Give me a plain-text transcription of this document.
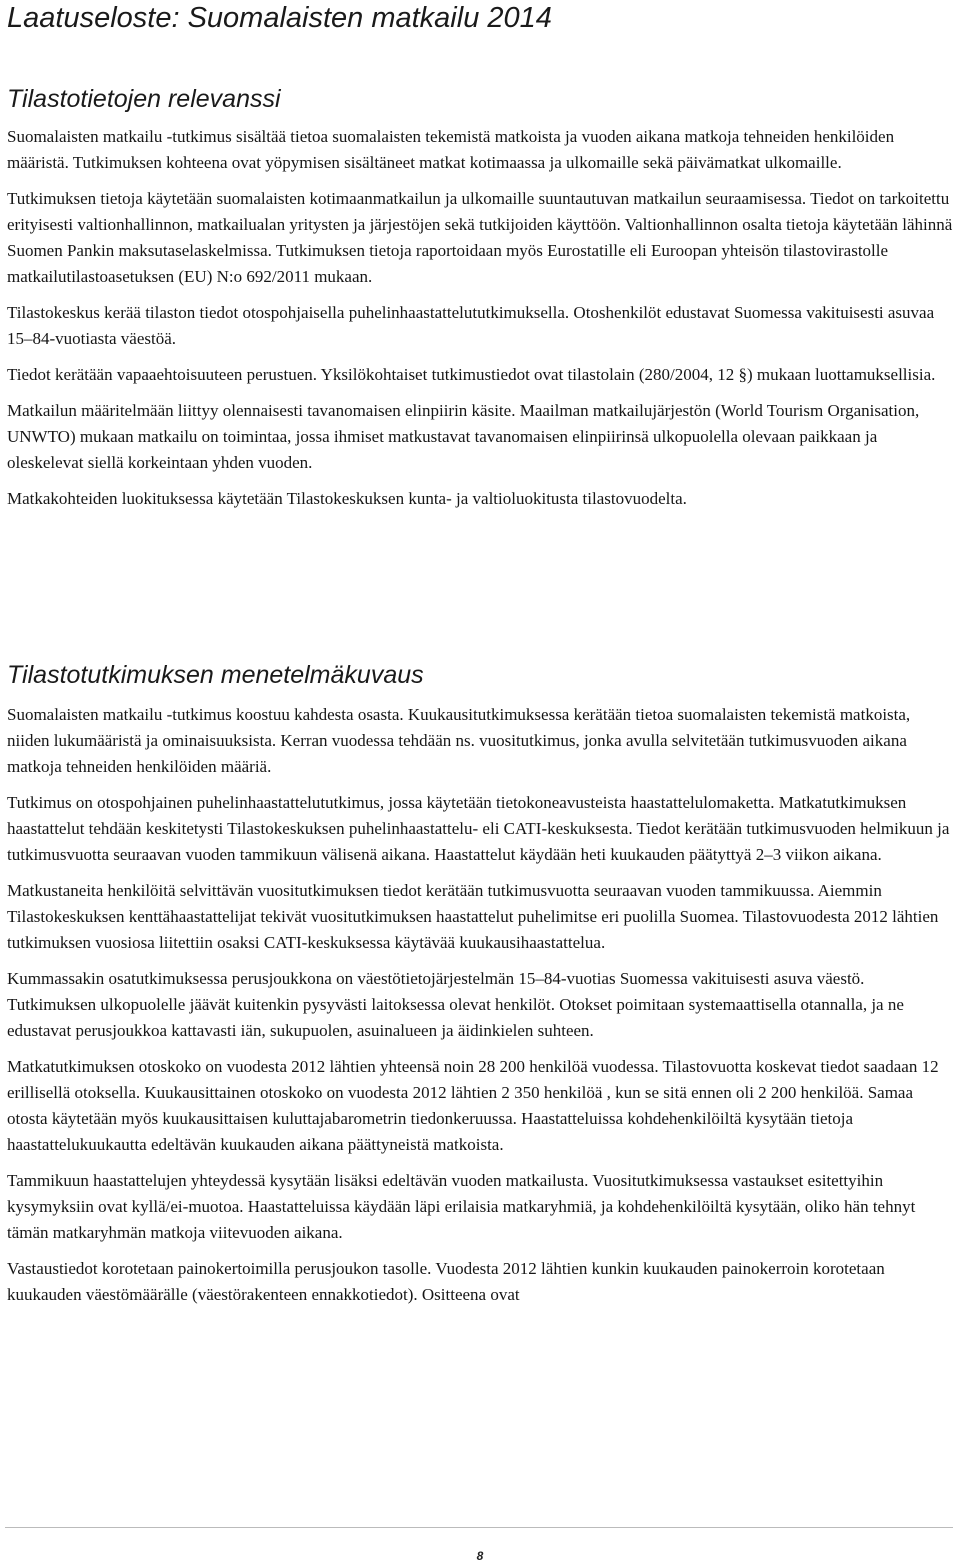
Laatuseloste: Suomalaisten matkailu 2014
Tilastotietojen relevanssi

Suomalaisten matkailu -tutkimus sisältää tietoa suomalaisten tekemistä matkoista ja vuoden aikana matkoja tehneiden henkilöiden määristä. Tutkimuksen kohteena ovat yöpymisen sisältäneet matkat kotimaassa ja ulkomaille sekä päivämatkat ulkomaille.

Tutkimuksen tietoja käytetään suomalaisten kotimaanmatkailun ja ulkomaille suuntautuvan matkailun seuraamisessa. Tiedot on tarkoitettu erityisesti valtionhallinnon, matkailualan yritysten ja järjestöjen sekä tutkijoiden käyttöön. Valtionhallinnon osalta tietoja käytetään lähinnä Suomen Pankin maksutaselaskelmissa. Tutkimuksen tietoja raportoidaan myös Eurostatille eli Euroopan yhteisön tilastovirastolle matkailutilastoasetuksen (EU) N:o 692/2011 mukaan.

Tilastokeskus kerää tilaston tiedot otospohjaisella puhelinhaastattelututkimuksella. Otoshenkilöt edustavat Suomessa vakituisesti asuvaa 15–84-vuotiasta väestöä.

Tiedot kerätään vapaaehtoisuuteen perustuen. Yksilökohtaiset tutkimustiedot ovat tilastolain (280/2004, 12 §) mukaan luottamuksellisia.

Matkailun määritelmään liittyy olennaisesti tavanomaisen elinpiirin käsite. Maailman matkailujärjestön (World Tourism Organisation, UNWTO) mukaan matkailu on toimintaa, jossa ihmiset matkustavat tavanomaisen elinpiirinsä ulkopuolella olevaan paikkaan ja oleskelevat siellä korkeintaan yhden vuoden.

Matkakohteiden luokituksessa käytetään Tilastokeskuksen kunta- ja valtioluokitusta tilastovuodelta.

Tilastotutkimuksen menetelmäkuvaus

Suomalaisten matkailu -tutkimus koostuu kahdesta osasta. Kuukausitutkimuksessa kerätään tietoa suomalaisten tekemistä matkoista, niiden lukumääristä ja ominaisuuksista. Kerran vuodessa tehdään ns. vuositutkimus, jonka avulla selvitetään tutkimusvuoden aikana matkoja tehneiden henkilöiden määriä.

Tutkimus on otospohjainen puhelinhaastattelututkimus, jossa käytetään tietokoneavusteista haastattelulomaketta. Matkatutkimuksen haastattelut tehdään keskitetysti Tilastokeskuksen puhelinhaastattelu- eli CATI-keskuksesta. Tiedot kerätään tutkimusvuoden helmikuun ja tutkimusvuotta seuraavan vuoden tammikuun välisenä aikana. Haastattelut käydään heti kuukauden päätyttyä 2–3 viikon aikana.

Matkustaneita henkilöitä selvittävän vuositutkimuksen tiedot kerätään tutkimusvuotta seuraavan vuoden tammikuussa. Aiemmin Tilastokeskuksen kenttähaastattelijat tekivät vuositutkimuksen haastattelut puhelimitse eri puolilla Suomea. Tilastovuodesta 2012 lähtien tutkimuksen vuosiosa liitettiin osaksi CATI-keskuksessa käytävää kuukausihaastattelua.

Kummassakin osatutkimuksessa perusjoukkona on väestötietojärjestelmän 15–84-vuotias Suomessa vakituisesti asuva väestö. Tutkimuksen ulkopuolelle jäävät kuitenkin pysyvästi laitoksessa olevat henkilöt. Otokset poimitaan systemaattisella otannalla, ja ne edustavat perusjoukkoa kattavasti iän, sukupuolen, asuinalueen ja äidinkielen suhteen.

Matkatutkimuksen otoskoko on vuodesta 2012 lähtien yhteensä noin 28 200 henkilöä vuodessa. Tilastovuotta koskevat tiedot saadaan 12 erillisellä otoksella. Kuukausittainen otoskoko on vuodesta 2012 lähtien 2 350 henkilöä , kun se sitä ennen oli 2 200 henkilöä. Samaa otosta käytetään myös kuukausittaisen kuluttajabarometrin tiedonkeruussa. Haastatteluissa kohdehenkilöiltä kysytään tietoja haastattelukuukautta edeltävän kuukauden aikana päättyneistä matkoista.

Tammikuun haastattelujen yhteydessä kysytään lisäksi edeltävän vuoden matkailusta. Vuositutkimuksessa vastaukset esitettyihin kysymyksiin ovat kyllä/ei-muotoa. Haastatteluissa käydään läpi erilaisia matkaryhmiä, ja kohdehenkilöiltä kysytään, oliko hän tehnyt tämän matkaryhmän matkoja viitevuoden aikana.

Vastaustiedot korotetaan painokertoimilla perusjoukon tasolle. Vuodesta 2012 lähtien kunkin kuukauden painokerroin korotetaan kuukauden väestömäärälle (väestörakenteen ennakkotiedot). Ositteena ovat

8
